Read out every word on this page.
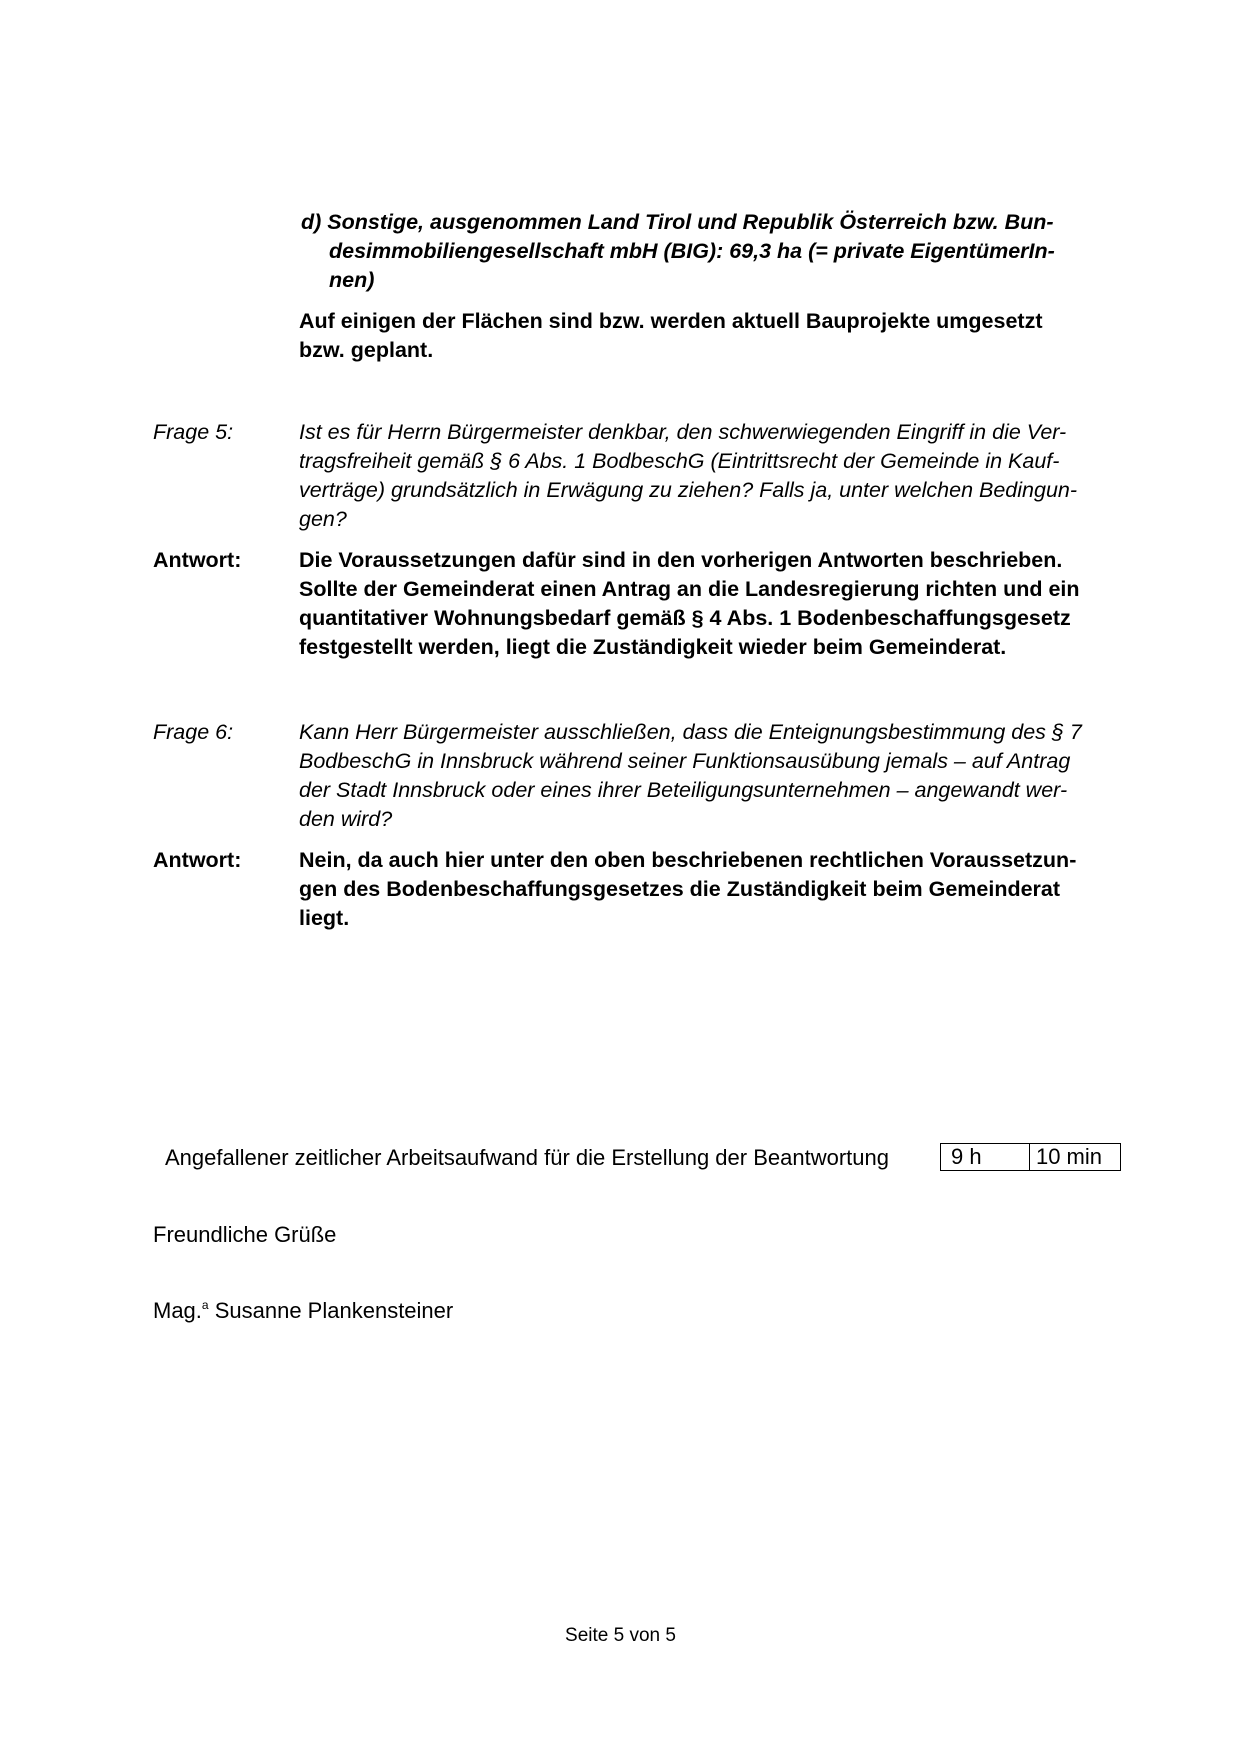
d) Sonstige, ausgenommen Land Tirol und Republik Österreich bzw. Bun-
desimmobiliengesellschaft mbH (BIG): 69,3 ha (= private EigentümerIn-
nen)
Auf einigen der Flächen sind bzw. werden aktuell Bauprojekte umgesetzt
bzw. geplant.
Frage 5:	Ist es für Herrn Bürgermeister denkbar, den schwerwiegenden Eingriff in die Ver-
tragsfreiheit gemäß § 6 Abs. 1 BodbeschG (Eintrittsrecht der Gemeinde in Kauf-
verträge) grundsätzlich in Erwägung zu ziehen? Falls ja, unter welchen Bedingun-
gen?
Antwort:	Die Voraussetzungen dafür sind in den vorherigen Antworten beschrieben.
Sollte der Gemeinderat einen Antrag an die Landesregierung richten und ein
quantitativer Wohnungsbedarf gemäß § 4 Abs. 1 Bodenbeschaffungsgesetz
festgestellt werden, liegt die Zuständigkeit wieder beim Gemeinderat.
Frage 6:	Kann Herr Bürgermeister ausschließen, dass die Enteignungsbestimmung des § 7
BodbeschG in Innsbruck während seiner Funktionsausübung jemals – auf Antrag
der Stadt Innsbruck oder eines ihrer Beteiligungsunternehmen – angewandt wer-
den wird?
Antwort:	Nein, da auch hier unter den oben beschriebenen rechtlichen Voraussetzun-
gen des Bodenbeschaffungsgesetzes die Zuständigkeit beim Gemeinderat
liegt.
Angefallener zeitlicher Arbeitsaufwand für die Erstellung der Beantwortung	9 h	10 min
Freundliche Grüße
Mag.$^a$ Susanne Plankensteiner
Seite 5 von 5
